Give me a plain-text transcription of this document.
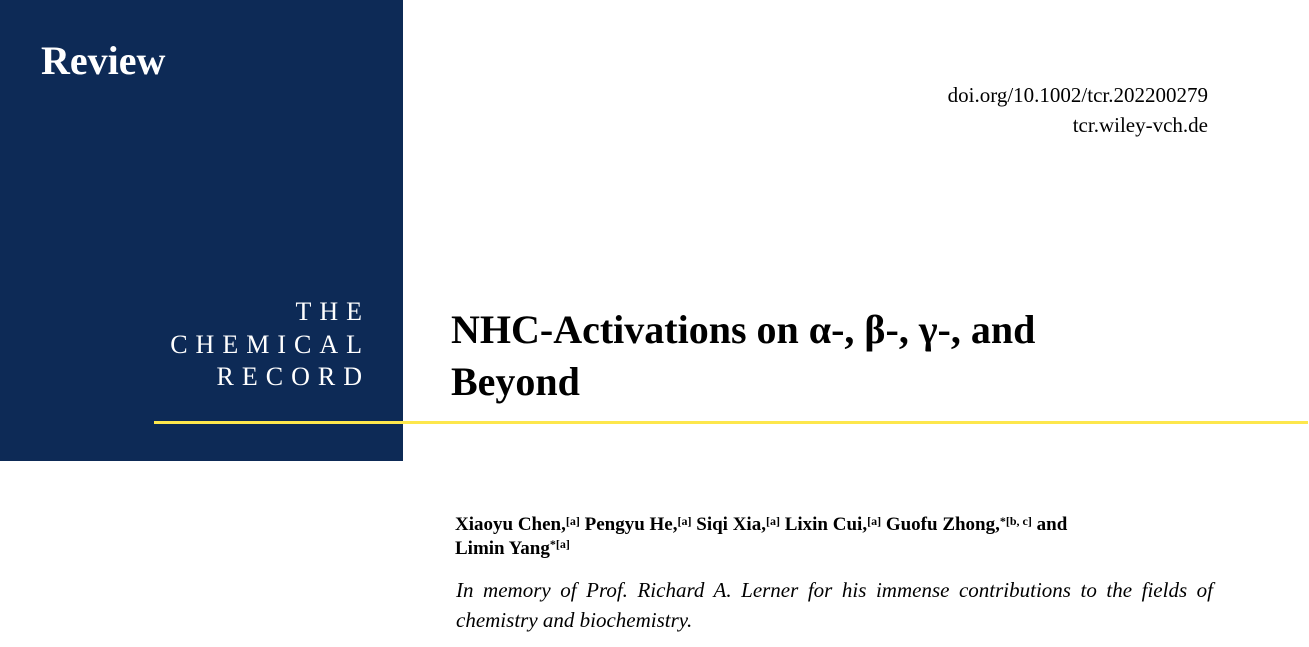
Review
THE
CHEMICAL
RECORD
doi.org/10.1002/tcr.202200279
tcr.wiley-vch.de
NHC-Activations on α-, β-, γ-, and
Beyond

Xiaoyu Chen,[a] Pengyu He,[a] Siqi Xia,[a] Lixin Cui,[a] Guofu Zhong,$^{*[b, c]}$ and
Limin Yang$^{*[a]}$

In memory of Prof. Richard A. Lerner for his immense contributions to the fields of
chemistry and biochemistry.
